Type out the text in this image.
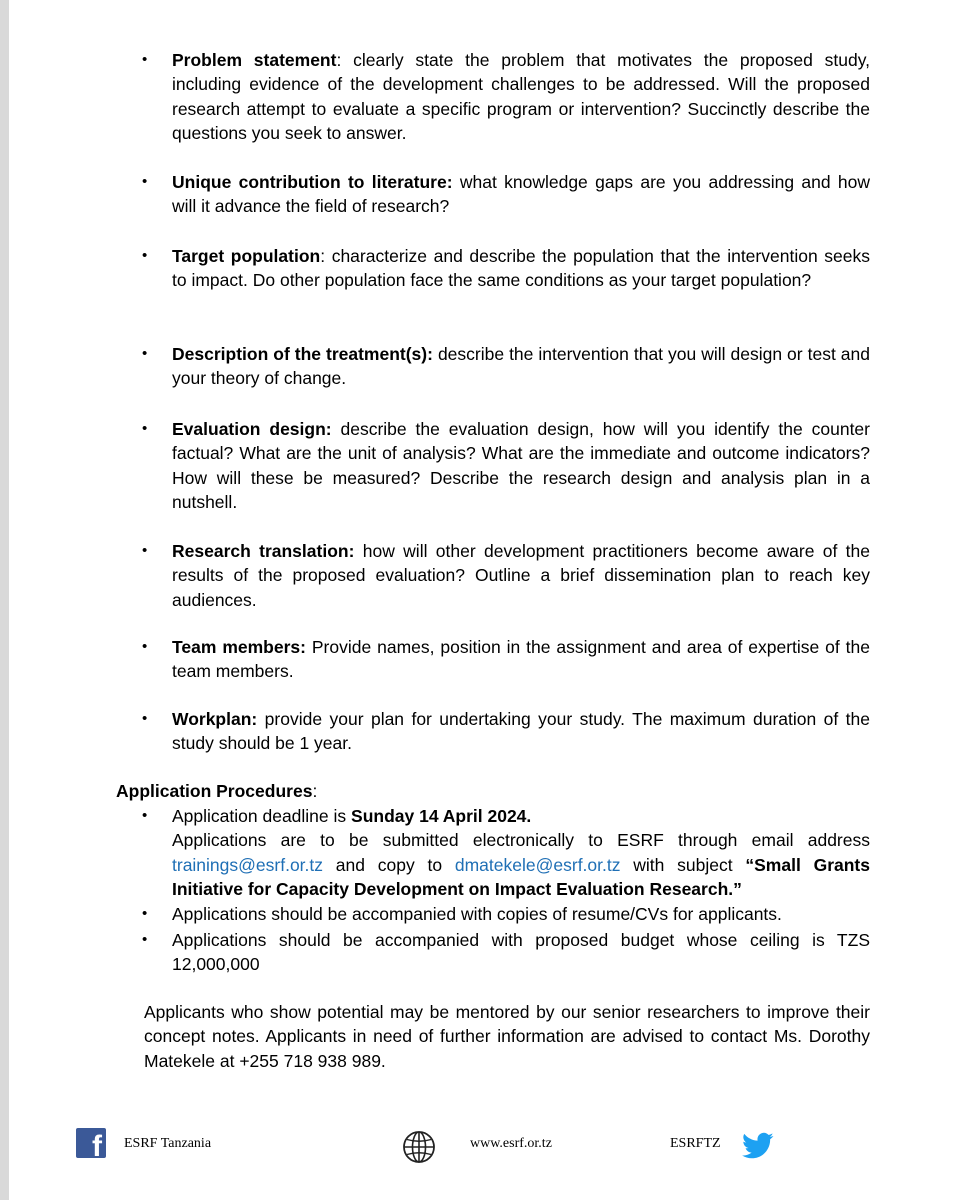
•	Problem statement: clearly state the problem that motivates the proposed study, including evidence of the development challenges to be addressed. Will the proposed research attempt to evaluate a specific program or intervention? Succinctly describe the questions you seek to answer.
•	Unique contribution to literature: what knowledge gaps are you addressing and how will it advance the field of research?
•	Target population: characterize and describe the population that the intervention seeks to impact. Do other population face the same conditions as your target population?
•	Description of the treatment(s): describe the intervention that you will design or test and your theory of change.
•	Evaluation design: describe the evaluation design, how will you identify the counter factual? What are the unit of analysis? What are the immediate and outcome indicators? How will these be measured? Describe the research design and analysis plan in a nutshell.
•	Research translation: how will other development practitioners become aware of the results of the proposed evaluation? Outline a brief dissemination plan to reach key audiences.
•	Team members: Provide names, position in the assignment and area of expertise of the team members.
•	Workplan: provide your plan for undertaking your study. The maximum duration of the study should be 1 year.
Application Procedures:
•	Application deadline is Sunday 14 April 2024.
Applications are to be submitted electronically to ESRF through email address trainings@esrf.or.tz and copy to dmatekele@esrf.or.tz with subject “Small Grants Initiative for Capacity Development on Impact Evaluation Research.”
•	Applications should be accompanied with copies of resume/CVs for applicants.
•	Applications should be accompanied with proposed budget whose ceiling is TZS 12,000,000
Applicants who show potential may be mentored by our senior researchers to improve their concept notes. Applicants in need of further information are advised to contact Ms. Dorothy Matekele at +255 718 938 989.
f ESRF Tanzania	www.esrf.or.tz	ESRFTZ
